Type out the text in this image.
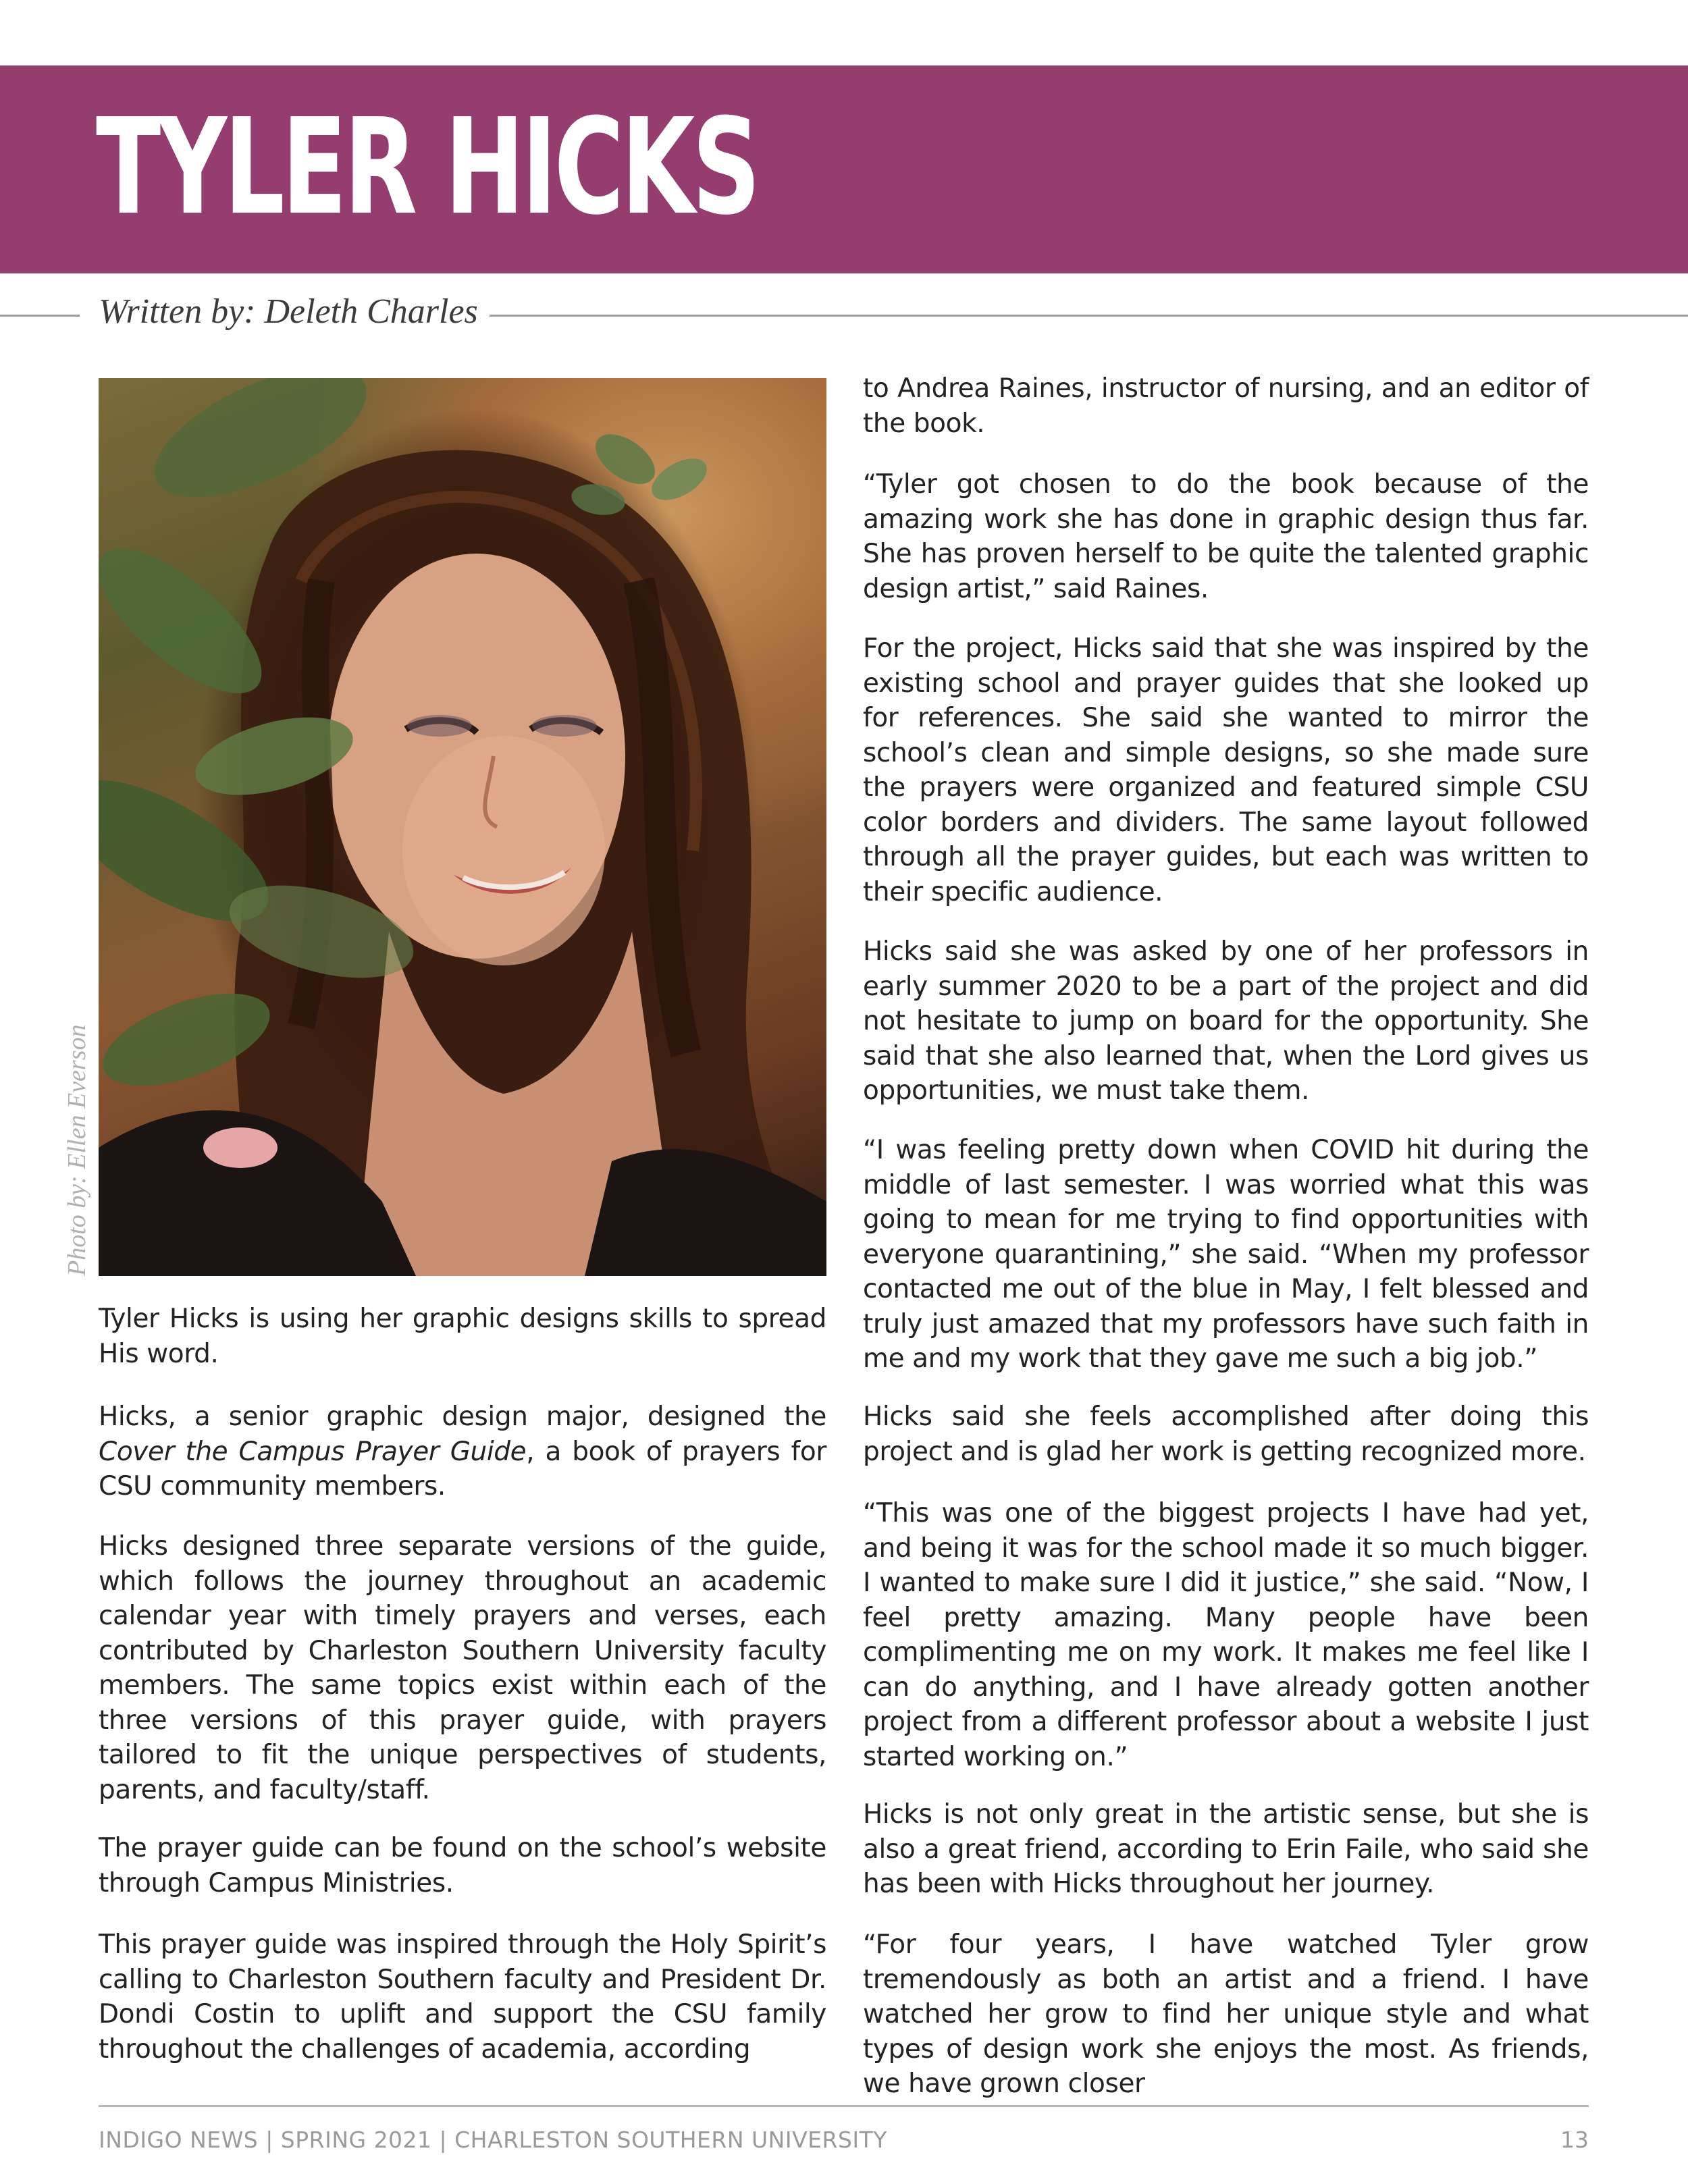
TYLER HICKS
Written by: Deleth Charles
Photo by: Ellen Everson

Tyler Hicks is using her graphic designs skills to spread His word.

Hicks, a senior graphic design major, designed the Cover the Campus Prayer Guide, a book of prayers for CSU community members.

Hicks designed three separate versions of the guide, which follows the journey throughout an academic calendar year with timely prayers and verses, each contributed by Charleston Southern University faculty members. The same topics exist within each of the three versions of this prayer guide, with prayers tailored to fit the unique perspectives of students, parents, and faculty/staff.

The prayer guide can be found on the school’s website through Campus Ministries.

This prayer guide was inspired through the Holy Spirit’s calling to Charleston Southern faculty and President Dr. Dondi Costin to uplift and support the CSU family throughout the challenges of academia, according

to Andrea Raines, instructor of nursing, and an editor of the book.

“Tyler got chosen to do the book because of the amazing work she has done in graphic design thus far. She has proven herself to be quite the talented graphic design artist,” said Raines.

For the project, Hicks said that she was inspired by the existing school and prayer guides that she looked up for references. She said she wanted to mirror the school’s clean and simple designs, so she made sure the prayers were organized and featured simple CSU color borders and dividers. The same layout followed through all the prayer guides, but each was written to their specific audience.

Hicks said she was asked by one of her professors in early summer 2020 to be a part of the project and did not hesitate to jump on board for the opportunity. She said that she also learned that, when the Lord gives us opportunities, we must take them.

“I was feeling pretty down when COVID hit during the middle of last semester. I was worried what this was going to mean for me trying to find opportunities with everyone quarantining,” she said. “When my professor contacted me out of the blue in May, I felt blessed and truly just amazed that my professors have such faith in me and my work that they gave me such a big job.”

Hicks said she feels accomplished after doing this project and is glad her work is getting recognized more.

“This was one of the biggest projects I have had yet, and being it was for the school made it so much bigger. I wanted to make sure I did it justice,” she said. “Now, I feel pretty amazing. Many people have been complimenting me on my work. It makes me feel like I can do anything, and I have already gotten another project from a different professor about a website I just started working on.”

Hicks is not only great in the artistic sense, but she is also a great friend, according to Erin Faile, who said she has been with Hicks throughout her journey.

“For four years, I have watched Tyler grow tremendously as both an artist and a friend. I have watched her grow to find her unique style and what types of design work she enjoys the most. As friends, we have grown closer

INDIGO NEWS | SPRING 2021 | CHARLESTON SOUTHERN UNIVERSITY	13
